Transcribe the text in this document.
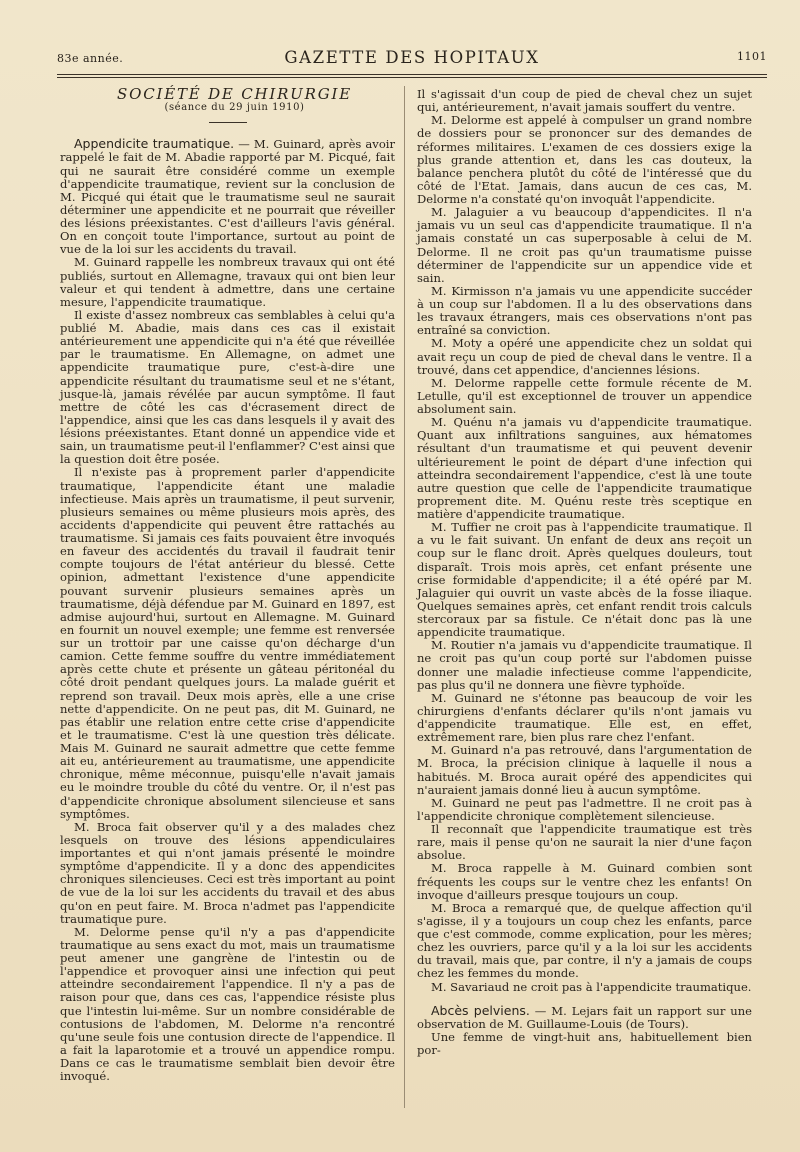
83e année.	GAZETTE DES HOPITAUX	1101

SOCIÉTÉ DE CHIRURGIE

(séance du 29 juin 1910)

Appendicite traumatique. — M. Guinard, après avoir rappelé le fait de M. Abadie rapporté par M. Picqué, fait qui ne saurait être considéré comme un exemple d'appendicite traumatique, revient sur la conclusion de M. Picqué qui était que le traumatisme seul ne saurait déterminer une appendicite et ne pourrait que réveiller des lésions préexistantes. C'est d'ailleurs l'avis général. On en conçoit toute l'importance, surtout au point de vue de la loi sur les accidents du travail.

M. Guinard rappelle les nombreux travaux qui ont été publiés, surtout en Allemagne, travaux qui ont bien leur valeur et qui tendent à admettre, dans une certaine mesure, l'appendicite traumatique.

Il existe d'assez nombreux cas semblables à celui qu'a publié M. Abadie, mais dans ces cas il existait antérieurement une appendicite qui n'a été que réveillée par le traumatisme. En Allemagne, on admet une appendicite traumatique pure, c'est-à-dire une appendicite résultant du traumatisme seul et ne s'étant, jusque-là, jamais révélée par aucun symptôme. Il faut mettre de côté les cas d'écrasement direct de l'appendice, ainsi que les cas dans lesquels il y avait des lésions préexistantes. Etant donné un appendice vide et sain, un traumatisme peut-il l'enflammer? C'est ainsi que la question doit être posée.

Il n'existe pas à proprement parler d'appendicite traumatique, l'appendicite étant une maladie infectieuse. Mais après un traumatisme, il peut survenir, plusieurs semaines ou même plusieurs mois après, des accidents d'appendicite qui peuvent être rattachés au traumatisme. Si jamais ces faits pouvaient être invoqués en faveur des accidentés du travail il faudrait tenir compte toujours de l'état antérieur du blessé. Cette opinion, admettant l'existence d'une appendicite pouvant survenir plusieurs semaines après un traumatisme, déjà défendue par M. Guinard en 1897, est admise aujourd'hui, surtout en Allemagne. M. Guinard en fournit un nouvel exemple; une femme est renversée sur un trottoir par une caisse qu'on décharge d'un camion. Cette femme souffre du ventre immédiatement après cette chute et présente un gâteau péritonéal du côté droit pendant quelques jours. La malade guérit et reprend son travail. Deux mois après, elle a une crise nette d'appendicite. On ne peut pas, dit M. Guinard, ne pas établir une relation entre cette crise d'appendicite et le traumatisme. C'est là une question très délicate. Mais M. Guinard ne saurait admettre que cette femme ait eu, antérieurement au traumatisme, une appendicite chronique, même méconnue, puisqu'elle n'avait jamais eu le moindre trouble du côté du ventre. Or, il n'est pas d'appendicite chronique absolument silencieuse et sans symptômes.

M. Broca fait observer qu'il y a des malades chez lesquels on trouve des lésions appendiculaires importantes et qui n'ont jamais présenté le moindre symptôme d'appendicite. Il y a donc des appendicites chroniques silencieuses. Ceci est très important au point de vue de la loi sur les accidents du travail et des abus qu'on en peut faire. M. Broca n'admet pas l'appendicite traumatique pure.

M. Delorme pense qu'il n'y a pas d'appendicite traumatique au sens exact du mot, mais un traumatisme peut amener une gangrène de l'intestin ou de l'appendice et provoquer ainsi une infection qui peut atteindre secondairement l'appendice. Il n'y a pas de raison pour que, dans ces cas, l'appendice résiste plus que l'intestin lui-même. Sur un nombre considérable de contusions de l'abdomen, M. Delorme n'a rencontré qu'une seule fois une contusion directe de l'appendice. Il a fait la laparotomie et a trouvé un appendice rompu. Dans ce cas le traumatisme semblait bien devoir être invoqué.

Il s'agissait d'un coup de pied de cheval chez un sujet qui, antérieurement, n'avait jamais souffert du ventre.

M. Delorme est appelé à compulser un grand nombre de dossiers pour se prononcer sur des demandes de réformes militaires. L'examen de ces dossiers exige la plus grande attention et, dans les cas douteux, la balance penchera plutôt du côté de l'intéressé que du côté de l'Etat. Jamais, dans aucun de ces cas, M. Delorme n'a constaté qu'on invoquât l'appendicite.

M. Jalaguier a vu beaucoup d'appendicites. Il n'a jamais vu un seul cas d'appendicite traumatique. Il n'a jamais constaté un cas superposable à celui de M. Delorme. Il ne croit pas qu'un traumatisme puisse déterminer de l'appendicite sur un appendice vide et sain.

M. Kirmisson n'a jamais vu une appendicite succéder à un coup sur l'abdomen. Il a lu des observations dans les travaux étrangers, mais ces observations n'ont pas entraîné sa conviction.

M. Moty a opéré une appendicite chez un soldat qui avait reçu un coup de pied de cheval dans le ventre. Il a trouvé, dans cet appendice, d'anciennes lésions.

M. Delorme rappelle cette formule récente de M. Letulle, qu'il est exceptionnel de trouver un appendice absolument sain.

M. Quénu n'a jamais vu d'appendicite traumatique. Quant aux infiltrations sanguines, aux hématomes résultant d'un traumatisme et qui peuvent devenir ultérieurement le point de départ d'une infection qui atteindra secondairement l'appendice, c'est là une toute autre question que celle de l'appendicite traumatique proprement dite. M. Quénu reste très sceptique en matière d'appendicite traumatique.

M. Tuffier ne croit pas à l'appendicite traumatique. Il a vu le fait suivant. Un enfant de deux ans reçoit un coup sur le flanc droit. Après quelques douleurs, tout disparaît. Trois mois après, cet enfant présente une crise formidable d'appendicite; il a été opéré par M. Jalaguier qui ouvrit un vaste abcès de la fosse iliaque. Quelques semaines après, cet enfant rendit trois calculs stercoraux par sa fistule. Ce n'était donc pas là une appendicite traumatique.

M. Routier n'a jamais vu d'appendicite traumatique. Il ne croit pas qu'un coup porté sur l'abdomen puisse donner une maladie infectieuse comme l'appendicite, pas plus qu'il ne donnera une fièvre typhoïde.

M. Guinard ne s'étonne pas beaucoup de voir les chirurgiens d'enfants déclarer qu'ils n'ont jamais vu d'appendicite traumatique. Elle est, en effet, extrêmement rare, bien plus rare chez l'enfant.

M. Guinard n'a pas retrouvé, dans l'argumentation de M. Broca, la précision clinique à laquelle il nous a habitués. M. Broca aurait opéré des appendicites qui n'auraient jamais donné lieu à aucun symptôme.

M. Guinard ne peut pas l'admettre. Il ne croit pas à l'appendicite chronique complètement silencieuse.

Il reconnaît que l'appendicite traumatique est très rare, mais il pense qu'on ne saurait la nier d'une façon absolue.

M. Broca rappelle à M. Guinard combien sont fréquents les coups sur le ventre chez les enfants! On invoque d'ailleurs presque toujours un coup.

M. Broca a remarqué que, de quelque affection qu'il s'agisse, il y a toujours un coup chez les enfants, parce que c'est commode, comme explication, pour les mères; chez les ouvriers, parce qu'il y a la loi sur les accidents du travail, mais que, par contre, il n'y a jamais de coups chez les femmes du monde.

M. Savariaud ne croit pas à l'appendicite traumatique.

Abcès pelviens. — M. Lejars fait un rapport sur une observation de M. Guillaume-Louis (de Tours).

Une femme de vingt-huit ans, habituellement bien por-
